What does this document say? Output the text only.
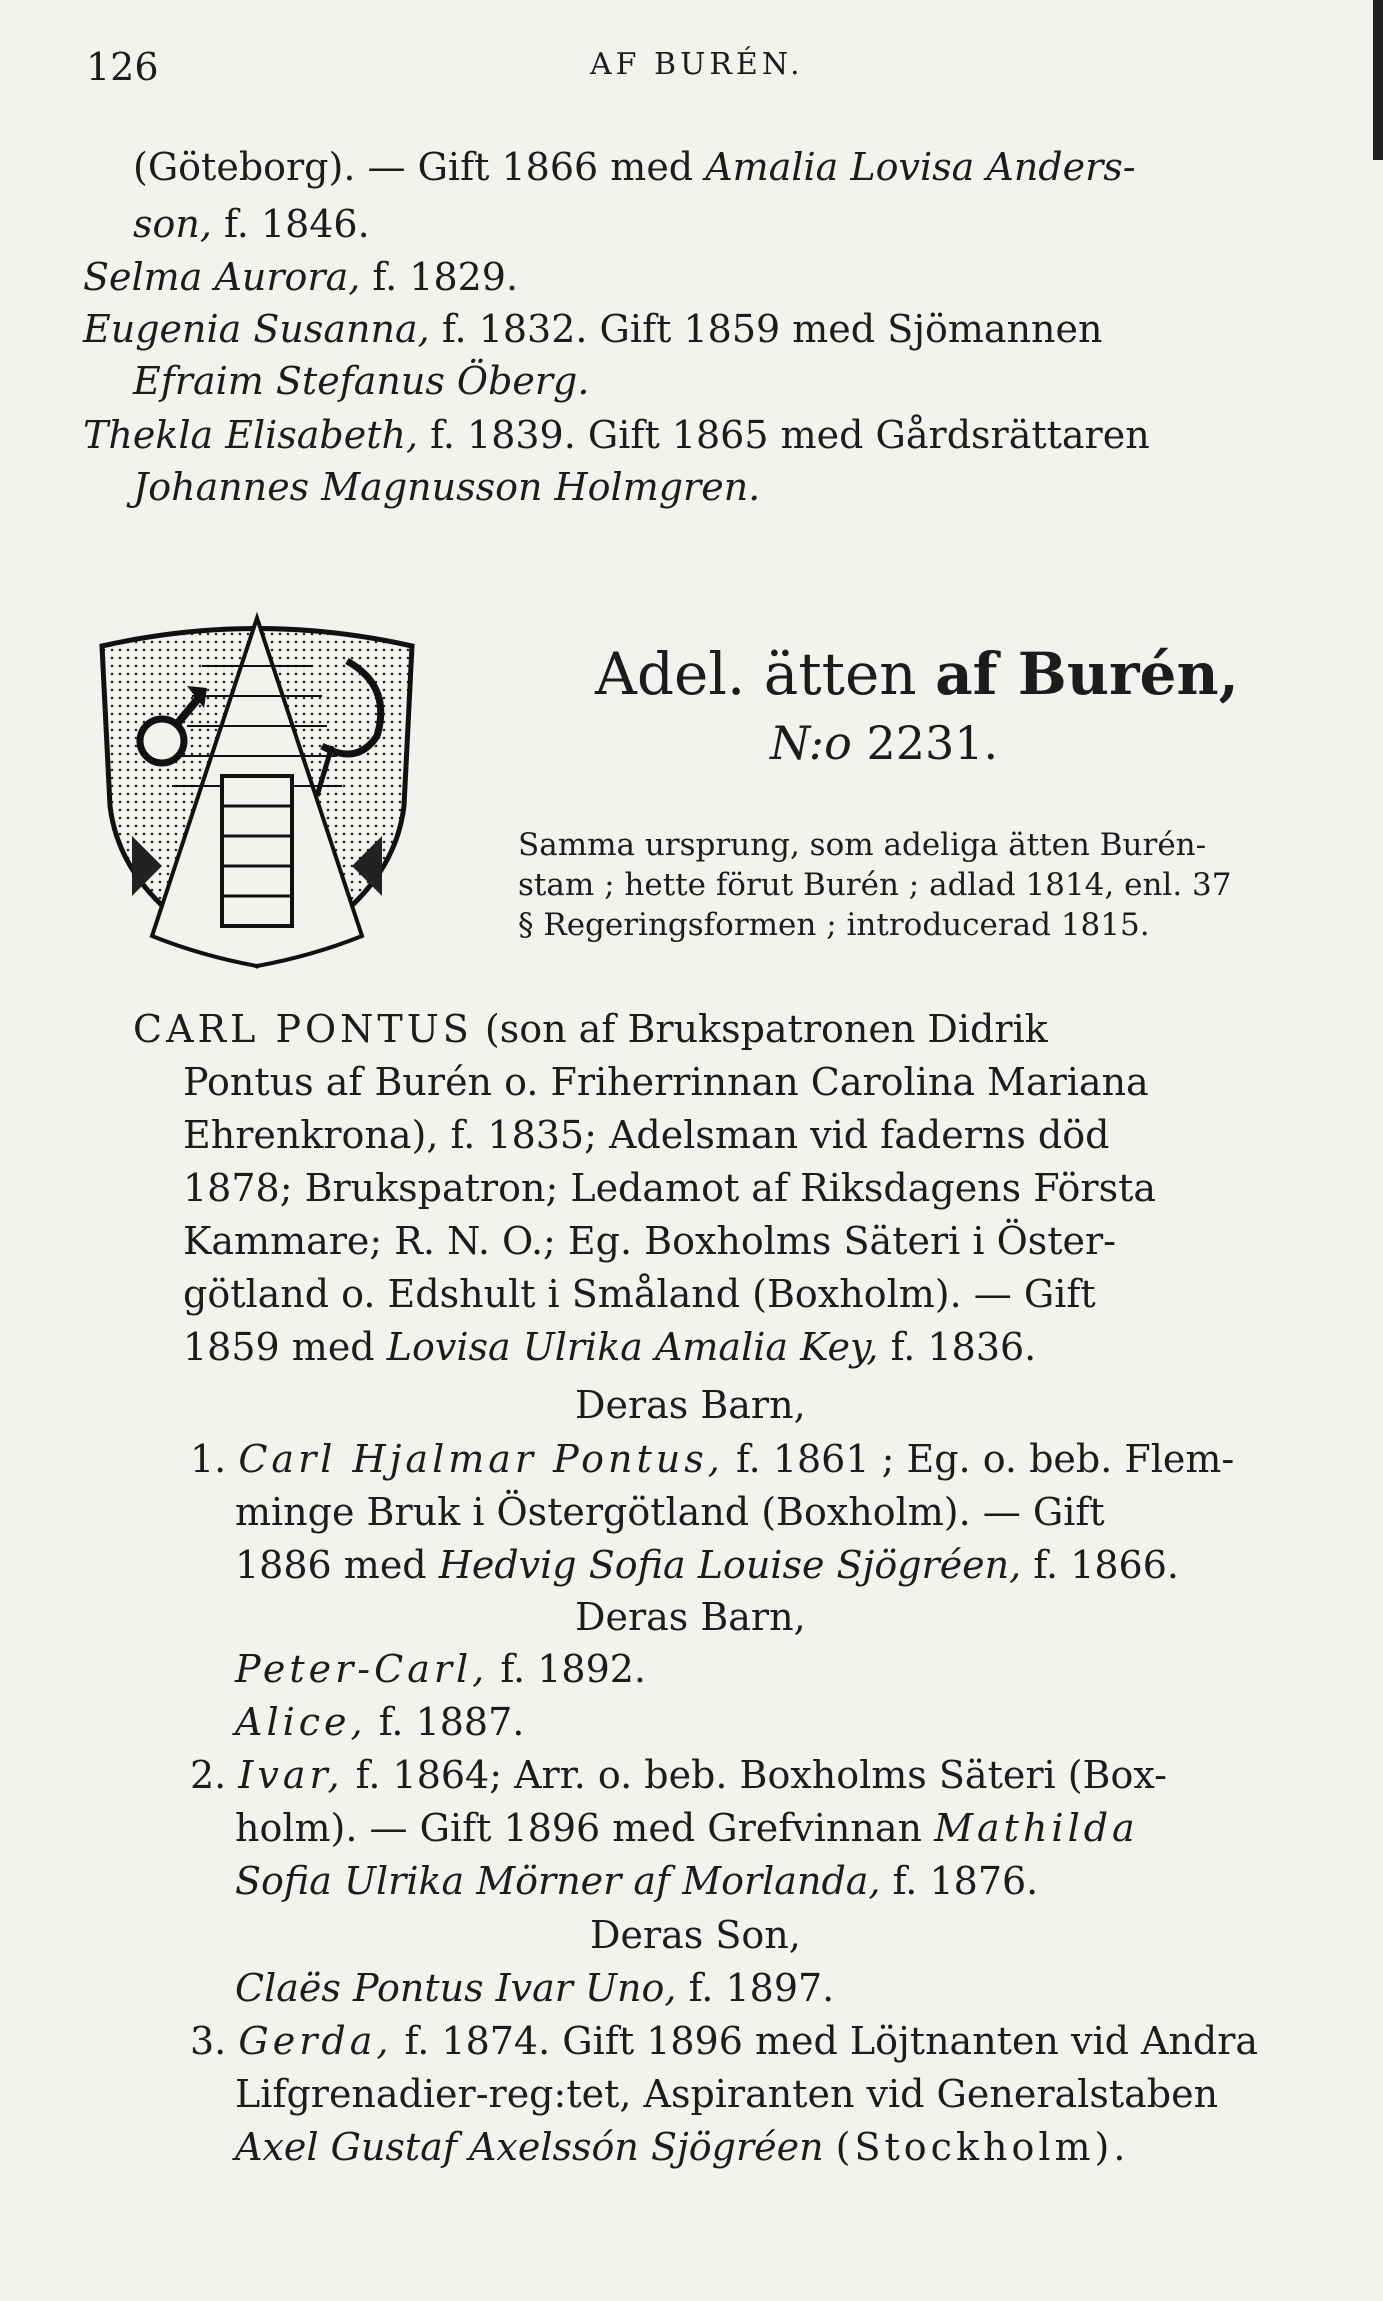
126	AF BURÉN.
(Göteborg). — Gift 1866 med Amalia Lovisa Anders-
son, f. 1846.
Selma Aurora, f. 1829.
Eugenia Susanna, f. 1832. Gift 1859 med Sjömannen
Efraim Stefanus Öberg.
Thekla Elisabeth, f. 1839. Gift 1865 med Gårdsrättaren
Johannes Magnusson Holmgren.
Adel. ätten af Burén,
N:o 2231.
Samma ursprung, som adeliga ätten Burén-
stam ; hette förut Burén ; adlad 1814, enl. 37
§ Regeringsformen ; introducerad 1815.
CARL PONTUS (son af Brukspatronen Didrik
Pontus af Burén o. Friherrinnan Carolina Mariana
Ehrenkrona), f. 1835; Adelsman vid faderns död
1878; Brukspatron; Ledamot af Riksdagens Första
Kammare; R. N. O.; Eg. Boxholms Säteri i Öster-
götland o. Edshult i Småland (Boxholm). — Gift
1859 med Lovisa Ulrika Amalia Key, f. 1836.
Deras Barn,
1. Carl Hjalmar Pontus, f. 1861 ; Eg. o. beb. Flem-
minge Bruk i Östergötland (Boxholm). — Gift
1886 med Hedvig Sofia Louise Sjögréen, f. 1866.
Deras Barn,
Peter-Carl, f. 1892.
Alice, f. 1887.
2. Ivar, f. 1864; Arr. o. beb. Boxholms Säteri (Box-
holm). — Gift 1896 med Grefvinnan Mathilda
Sofia Ulrika Mörner af Morlanda, f. 1876.
Deras Son,
Claës Pontus Ivar Uno, f. 1897.
3. Gerda, f. 1874. Gift 1896 med Löjtnanten vid Andra
Lifgrenadier-reg:tet, Aspiranten vid Generalstaben
Axel Gustaf Axelssón Sjögréen (Stockholm).
